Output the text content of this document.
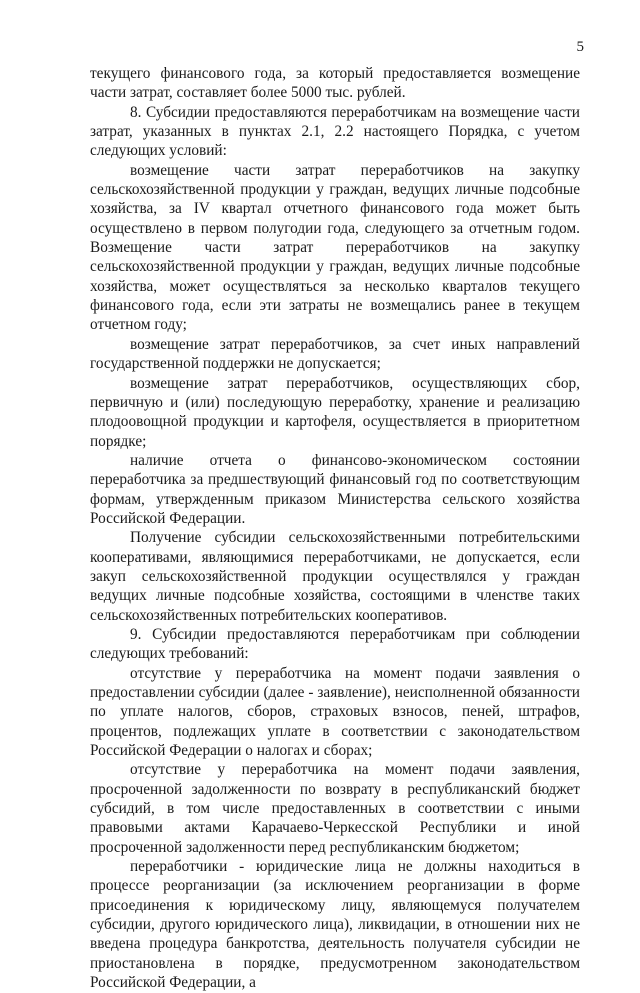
5

текущего финансового года, за который предоставляется возмещение части затрат, составляет более 5000 тыс. рублей.

8. Субсидии предоставляются переработчикам на возмещение части затрат, указанных в пунктах 2.1, 2.2 настоящего Порядка, с учетом следующих условий:

возмещение части затрат переработчиков на закупку сельскохозяйственной продукции у граждан, ведущих личные подсобные хозяйства, за IV квартал отчетного финансового года может быть осуществлено в первом полугодии года, следующего за отчетным годом. Возмещение части затрат переработчиков на закупку сельскохозяйственной продукции у граждан, ведущих личные подсобные хозяйства, может осуществляться за несколько кварталов текущего финансового года, если эти затраты не возмещались ранее в текущем отчетном году;

возмещение затрат переработчиков, за счет иных направлений государственной поддержки не допускается;

возмещение затрат переработчиков, осуществляющих сбор, первичную и (или) последующую переработку, хранение и реализацию плодоовощной продукции и картофеля, осуществляется в приоритетном порядке;

наличие отчета о финансово-экономическом состоянии переработчика за предшествующий финансовый год по соответствующим формам, утвержденным приказом Министерства сельского хозяйства Российской Федерации.

Получение субсидии сельскохозяйственными потребительскими кооперативами, являющимися переработчиками, не допускается, если закуп сельскохозяйственной продукции осуществлялся у граждан ведущих личные подсобные хозяйства, состоящими в членстве таких сельскохозяйственных потребительских кооперативов.

9. Субсидии предоставляются переработчикам при соблюдении следующих требований:

отсутствие у переработчика на момент подачи заявления о предоставлении субсидии (далее - заявление), неисполненной обязанности по уплате налогов, сборов, страховых взносов, пеней, штрафов, процентов, подлежащих уплате в соответствии с законодательством Российской Федерации о налогах и сборах;

отсутствие у переработчика на момент подачи заявления, просроченной задолженности по возврату в республиканский бюджет субсидий, в том числе предоставленных в соответствии с иными правовыми актами Карачаево-Черкесской Республики и иной просроченной задолженности перед республиканским бюджетом;

переработчики - юридические лица не должны находиться в процессе реорганизации (за исключением реорганизации в форме присоединения к юридическому лицу, являющемуся получателем субсидии, другого юридического лица), ликвидации, в отношении них не введена процедура банкротства, деятельность получателя субсидии не приостановлена в порядке, предусмотренном законодательством Российской Федерации, а
